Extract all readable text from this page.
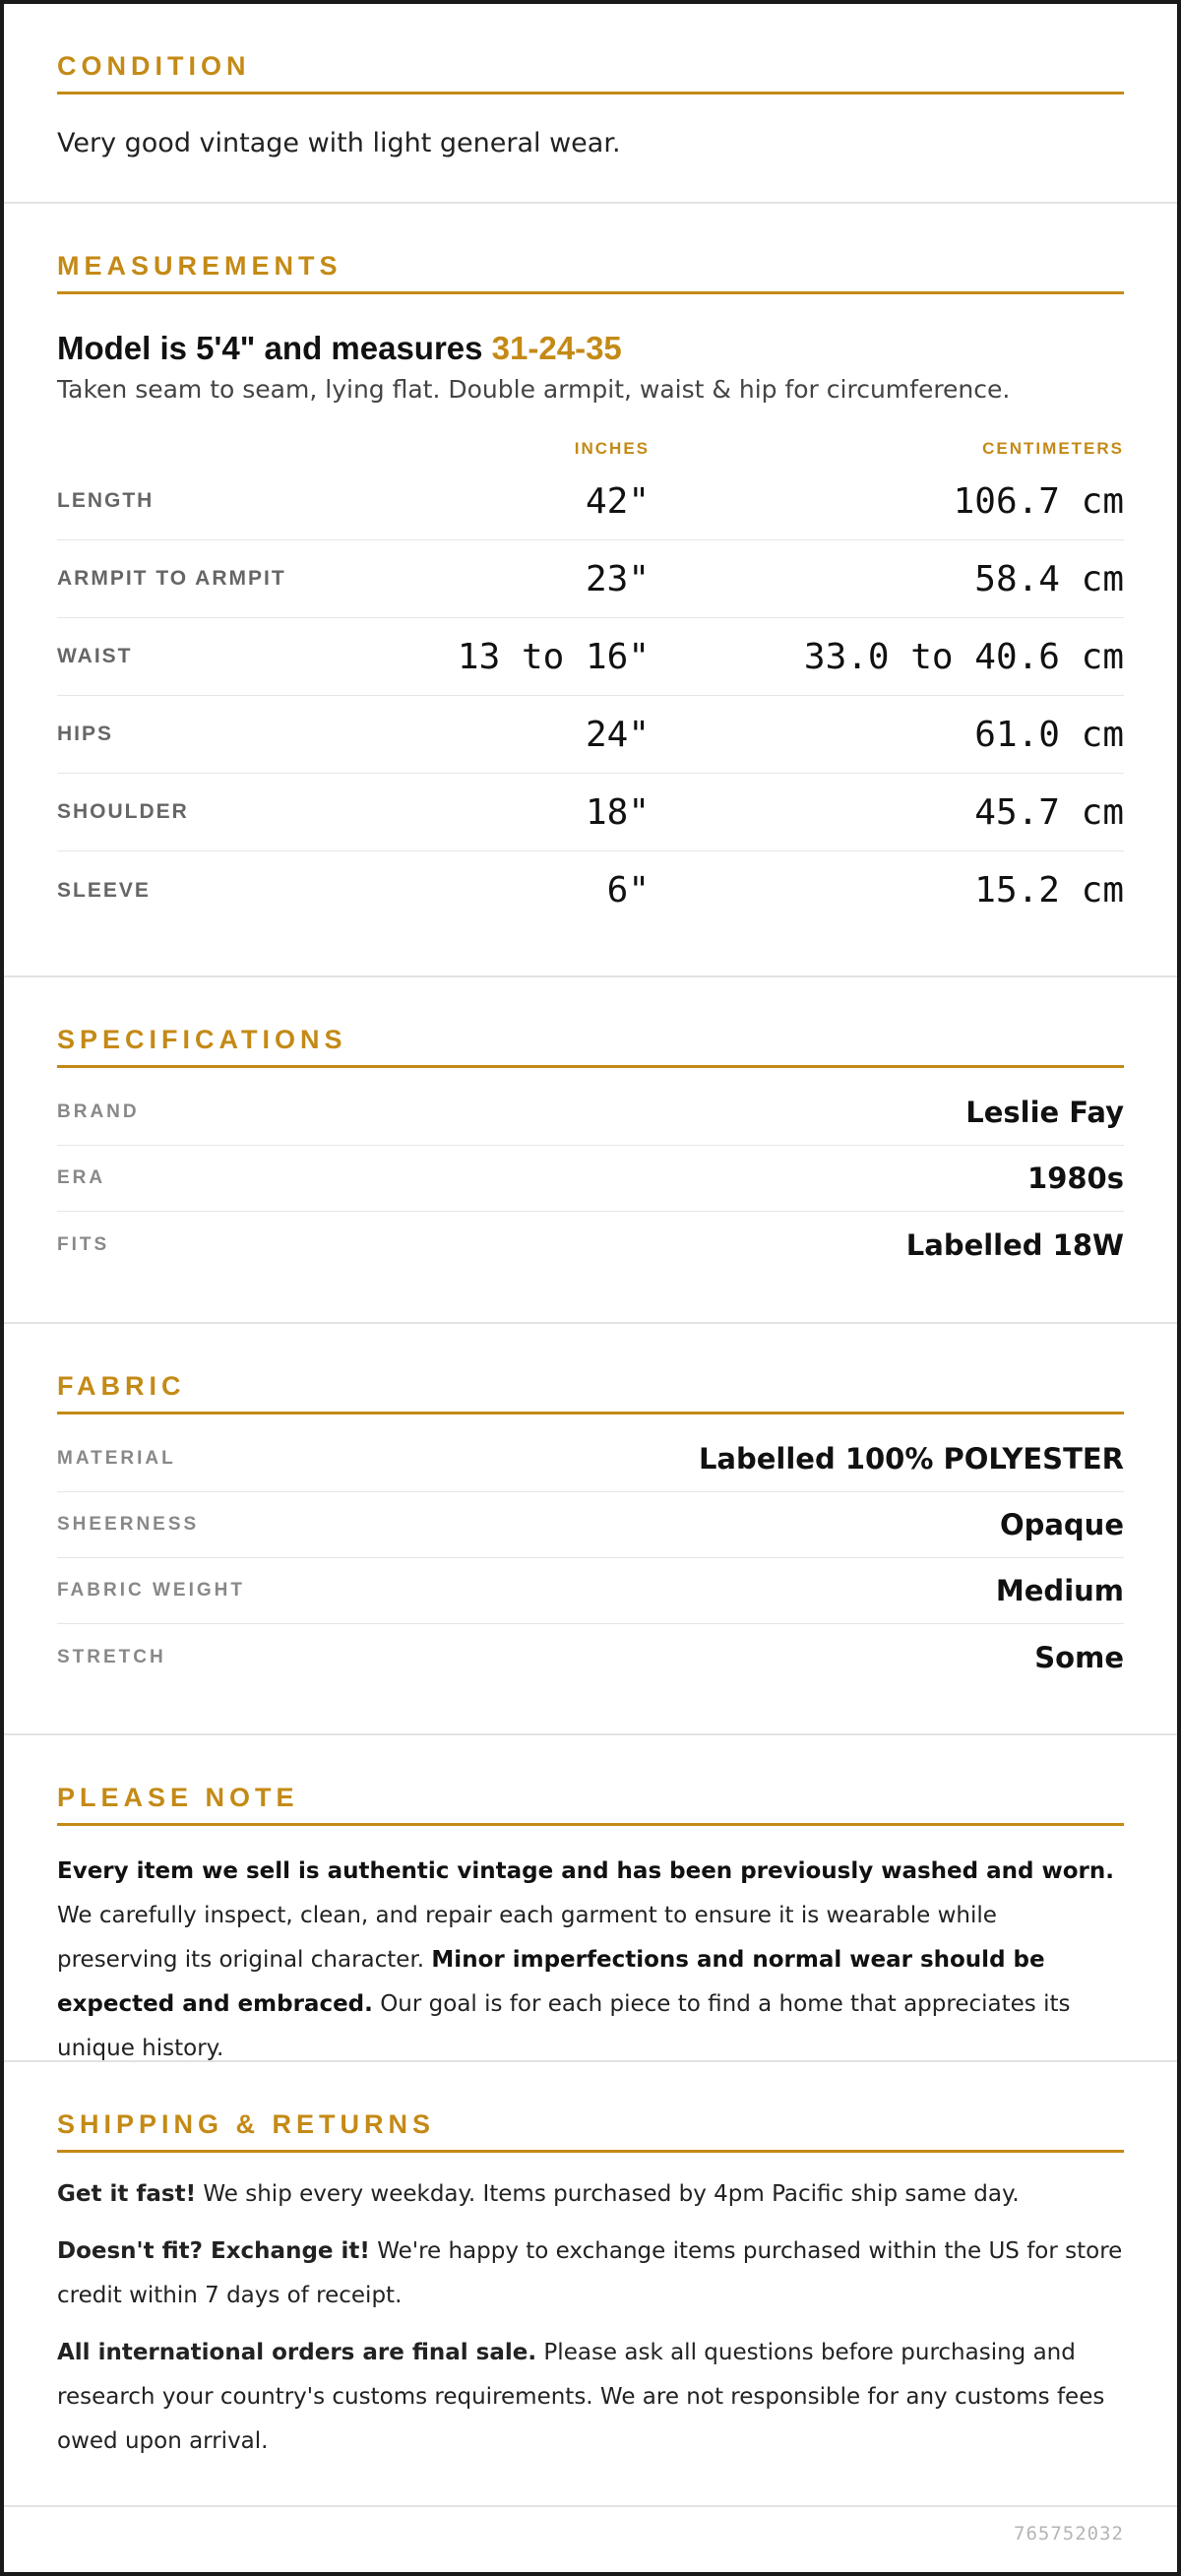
CONDITION
Very good vintage with light general wear.
MEASUREMENTS
Model is 5'4" and measures 31-24-35
Taken seam to seam, lying flat. Double armpit, waist & hip for circumference.
INCHES	CENTIMETERS
LENGTH	42"	106.7 cm
ARMPIT TO ARMPIT	23"	58.4 cm
WAIST	13 to 16"	33.0 to 40.6 cm
HIPS	24"	61.0 cm
SHOULDER	18"	45.7 cm
SLEEVE	6"	15.2 cm
SPECIFICATIONS
BRAND	Leslie Fay
ERA	1980s
FITS	Labelled 18W
FABRIC
MATERIAL	Labelled 100% POLYESTER
SHEERNESS	Opaque
FABRIC WEIGHT	Medium
STRETCH	Some
PLEASE NOTE

Every item we sell is authentic vintage and has been previously washed and worn. We carefully inspect, clean, and repair each garment to ensure it is wearable while preserving its original character. Minor imperfections and normal wear should be expected and embraced. Our goal is for each piece to find a home that appreciates its unique history.

SHIPPING & RETURNS

Get it fast! We ship every weekday. Items purchased by 4pm Pacific ship same day.

Doesn't fit? Exchange it! We're happy to exchange items purchased within the US for store credit within 7 days of receipt.

All international orders are final sale. Please ask all questions before purchasing and research your country's customs requirements. We are not responsible for any customs fees owed upon arrival.

765752032
